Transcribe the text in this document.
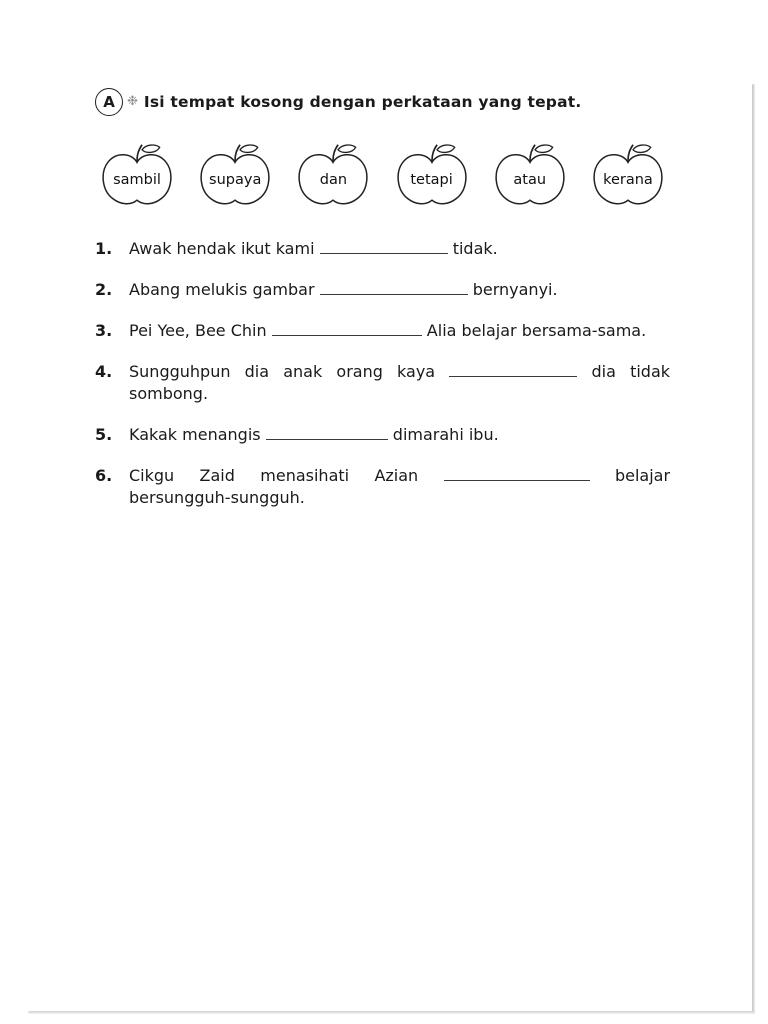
A ❉ Isi tempat kosong dengan perkataan yang tepat.
sambil	supaya	dan	tetapi	atau	kerana
1.	Awak hendak ikut kami	tidak.
2.	Abang melukis gambar	bernyanyi.
3.	Pei Yee, Bee Chin	Alia belajar bersama-sama.
4.	Sungguhpun dia anak orang kaya	dia tidak sombong.
5.	Kakak menangis	dimarahi ibu.
6.	Cikgu Zaid menasihati Azian	belajar bersungguh-sungguh.
